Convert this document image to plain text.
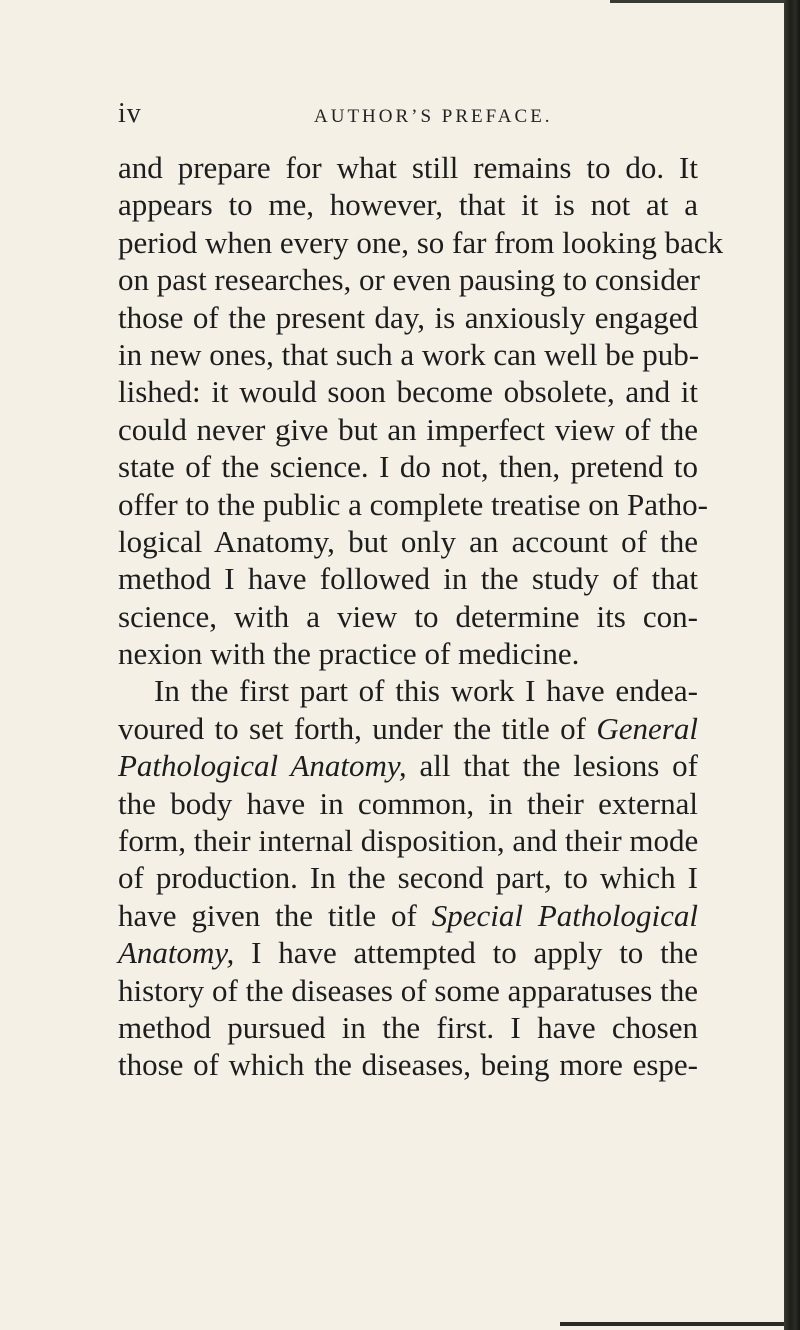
iv	AUTHOR’S PREFACE.
and prepare for what still remains to do. It
appears to me, however, that it is not at a
period when every one, so far from looking back
on past researches, or even pausing to consider
those of the present day, is anxiously engaged
in new ones, that such a work can well be pub-
lished: it would soon become obsolete, and it
could never give but an imperfect view of the
state of the science. I do not, then, pretend to
offer to the public a complete treatise on Patho-
logical Anatomy, but only an account of the
method I have followed in the study of that
science, with a view to determine its con-
nexion with the practice of medicine.
In the first part of this work I have endea-
voured to set forth, under the title of General
Pathological Anatomy, all that the lesions of
the body have in common, in their external
form, their internal disposition, and their mode
of production. In the second part, to which I
have given the title of Special Pathological
Anatomy, I have attempted to apply to the
history of the diseases of some apparatuses the
method pursued in the first. I have chosen
those of which the diseases, being more espe-
